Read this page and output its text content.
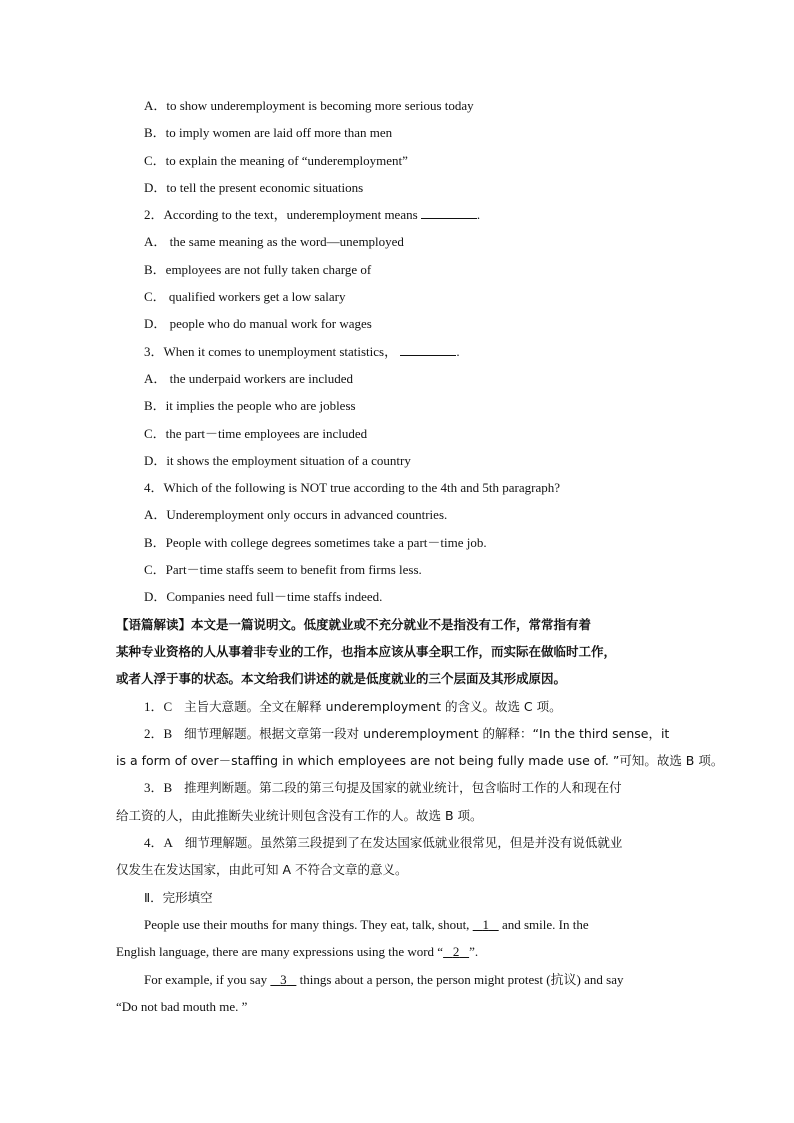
A．to show underemployment is becoming more serious today
B．to imply women are laid off more than men
C．to explain the meaning of “underemployment”
D．to tell the present economic situations
2．According to the text，underemployment means	.
A． the same meaning as the word—unemployed
B．employees are not fully taken charge of
C． qualified workers get a low salary
D． people who do manual work for wages
3．When it comes to unemployment statistics，	.
A． the underpaid workers are included
B．it implies the people who are jobless
C．the part－time employees are included
D．it shows the employment situation of a country
4．Which of the following is NOT true according to the 4th and 5th paragraph?
A．Underemployment only occurs in advanced countries.
B．People with college degrees sometimes take a part－time job.
C．Part－time staffs seem to benefit from firms less.
D．Companies need full－time staffs indeed.
【语篇解读】本文是一篇说明文。低度就业或不充分就业不是指没有工作，常常指有着
某种专业资格的人从事着非专业的工作，也指本应该从事全职工作，而实际在做临时工作，
或者人浮于事的状态。本文给我们讲述的就是低度就业的三个层面及其形成原因。
1．C 主旨大意题。全文在解释 underemployment 的含义。故选 C 项。
2．B 细节理解题。根据文章第一段对 underemployment 的解释：“In the third sense，it
is a form of over－staffing in which employees are not being fully made use of. ”可知。故选 B 项。
3．B 推理判断题。第二段的第三句提及国家的就业统计，包含临时工作的人和现在付
给工资的人，由此推断失业统计则包含没有工作的人。故选 B 项。
4．A 细节理解题。虽然第三段提到了在发达国家低就业很常见，但是并没有说低就业
仅发生在发达国家，由此可知 A 不符合文章的意义。
Ⅱ．完形填空
People use their mouths for many things. They eat, talk, shout, 1 and smile. In the
English language, there are many expressions using the word “ 2 ”.
For example, if you say 3 things about a person, the person might protest (抗议) and say
“Do not bad mouth me. ”
